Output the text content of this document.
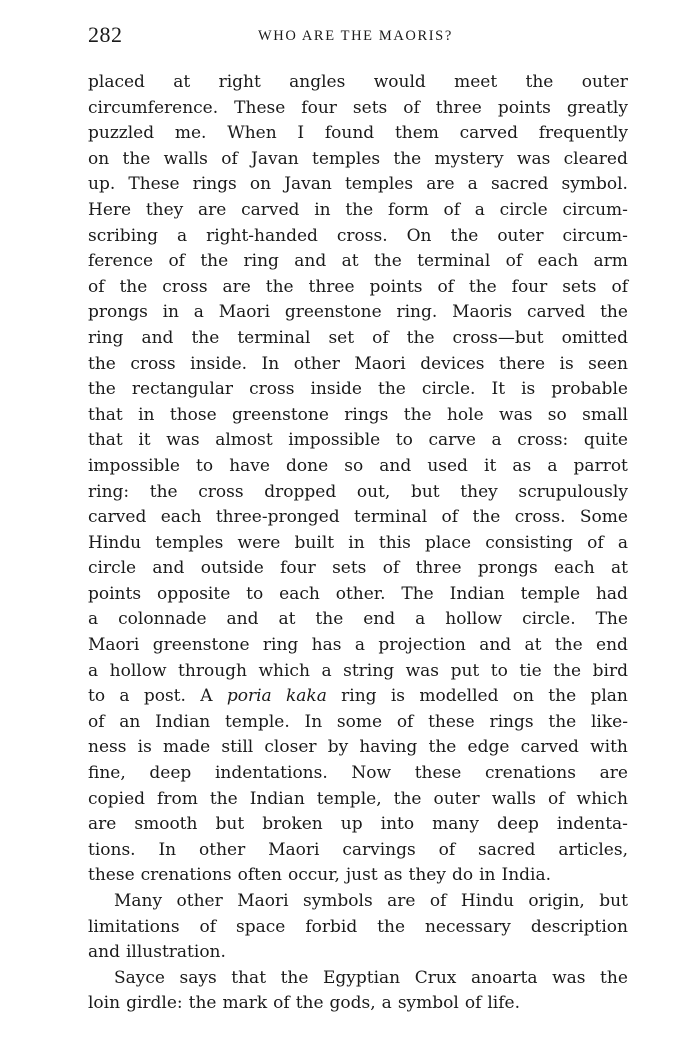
282	WHO ARE THE MAORIS?
placed at right angles would meet the outer
circumference. These four sets of three points greatly
puzzled me. When I found them carved frequently
on the walls of Javan temples the mystery was cleared
up. These rings on Javan temples are a sacred symbol.
Here they are carved in the form of a circle circum-
scribing a right-handed cross. On the outer circum-
ference of the ring and at the terminal of each arm
of the cross are the three points of the four sets of
prongs in a Maori greenstone ring. Maoris carved the
ring and the terminal set of the cross—but omitted
the cross inside. In other Maori devices there is seen
the rectangular cross inside the circle. It is probable
that in those greenstone rings the hole was so small
that it was almost impossible to carve a cross: quite
impossible to have done so and used it as a parrot
ring: the cross dropped out, but they scrupulously
carved each three-pronged terminal of the cross. Some
Hindu temples were built in this place consisting of a
circle and outside four sets of three prongs each at
points opposite to each other. The Indian temple had
a colonnade and at the end a hollow circle. The
Maori greenstone ring has a projection and at the end
a hollow through which a string was put to tie the bird
to a post. A poria kaka ring is modelled on the plan
of an Indian temple. In some of these rings the like-
ness is made still closer by having the edge carved with
fine, deep indentations. Now these crenations are
copied from the Indian temple, the outer walls of which
are smooth but broken up into many deep indenta-
tions. In other Maori carvings of sacred articles,
these crenations often occur, just as they do in India.
Many other Maori symbols are of Hindu origin, but
limitations of space forbid the necessary description
and illustration.
Sayce says that the Egyptian Crux anoarta was the
loin girdle: the mark of the gods, a symbol of life.
